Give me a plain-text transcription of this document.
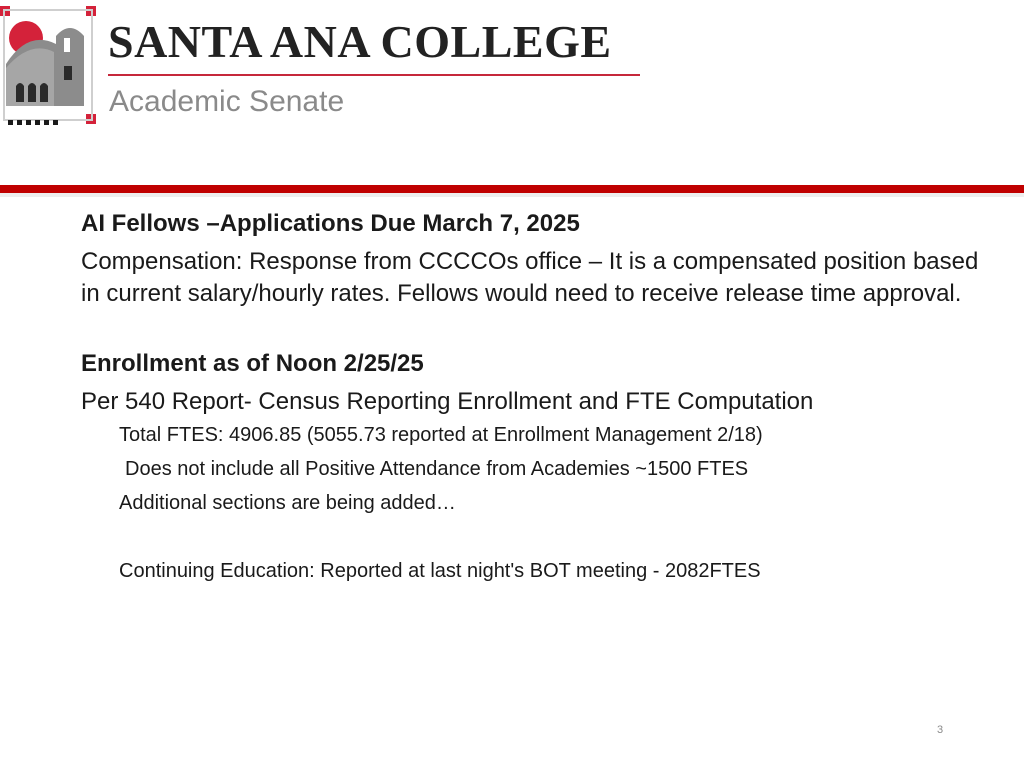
SANTA ANA COLLEGE
Academic Senate

AI Fellows –Applications Due March 7, 2025

Compensation: Response from CCCCOs office – It is a compensated position based in current salary/hourly rates. Fellows would need to receive release time approval.

Enrollment as of Noon 2/25/25

Per 540 Report- Census Reporting Enrollment and FTE Computation

Total FTES: 4906.85 (5055.73 reported at Enrollment Management 2/18)

Does not include all Positive Attendance from Academies ~1500 FTES

Additional sections are being added…

Continuing Education: Reported at last night's BOT meeting - 2082FTES

3
